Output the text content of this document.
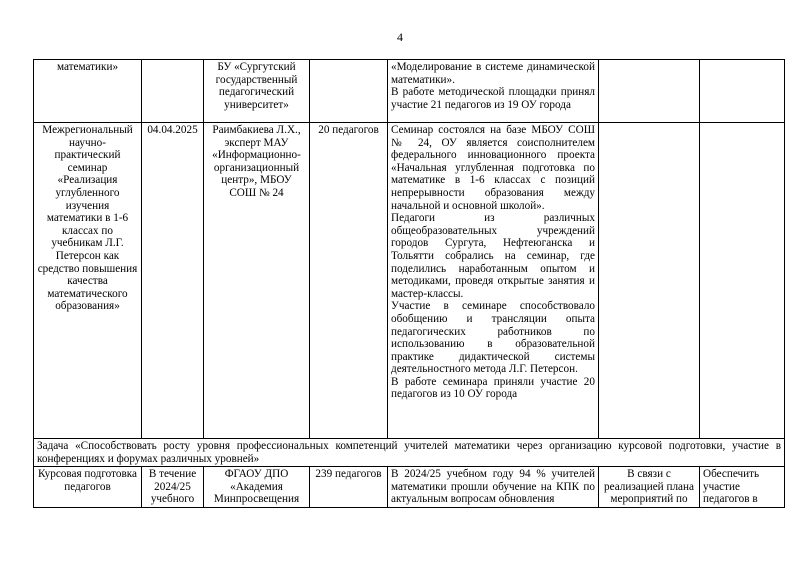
4
математики»		БУ «Сургутский государственный педагогический университет»		«Моделирование в системе динамической математики».

В работе методической площадки принял участие 21 педагогов из 19 ОУ города		

Межрегиональный научно-практический семинар «Реализация углубленного изучения математики в 1-6 классах по учебникам Л.Г. Петерсон как средство повышения качества математического образования»	04.04.2025	Раимбакиева Л.Х., эксперт МАУ «Информационно-организационный центр», МБОУ СОШ № 24	20 педагогов	Семинар состоялся на базе МБОУ СОШ № 24, ОУ является соисполнителем федерального инновационного проекта «Начальная углубленная подготовка по математике в 1-6 классах с позиций непрерывности образования между начальной и основной школой».

Педагоги из различных общеобразовательных учреждений городов Сургута, Нефтеюганска и Тольятти собрались на семинар, где поделились наработанным опытом и методиками, проведя открытые занятия и мастер-классы.

Участие в семинаре способствовало обобщению и трансляции опыта педагогических работников по использованию в образовательной практике дидактической системы деятельностного метода Л.Г. Петерсон.

В работе семинара приняли участие 20 педагогов из 10 ОУ города		

Задача «Способствовать росту уровня профессиональных компетенций учителей математики через организацию курсовой подготовки, участие в конференциях и форумах различных уровней»						
Курсовая подготовка педагогов	В течение 2024/25 учебного	ФГАОУ ДПО «Академия Минпросвещения	239 педагогов	В 2024/25 учебном году 94 % учителей математики прошли обучение на КПК по актуальным вопросам обновления	В связи с реализацией плана мероприятий по	Обеспечить участие педагогов в
